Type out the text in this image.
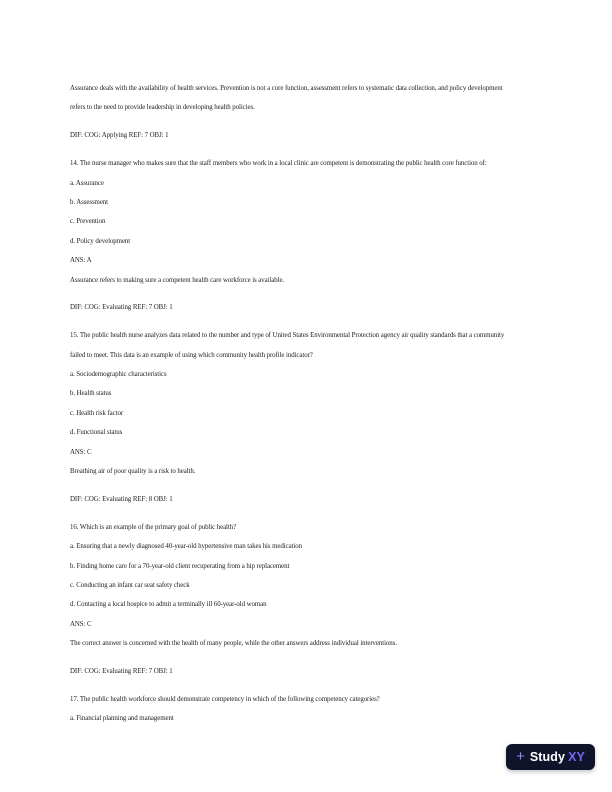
Assurance deals with the availability of health services. Prevention is not a core function, assessment refers to systematic data collection, and policy development
refers to the need to provide leadership in developing health policies.
DIF: COG: Applying REF: 7 OBJ: 1
14. The nurse manager who makes sure that the staff members who work in a local clinic are competent is demonstrating the public health core function of:
a. Assurance
b. Assessment
c. Prevention
d. Policy development
ANS: A
Assurance refers to making sure a competent health care workforce is available.
DIF: COG: Evaluating REF: 7 OBJ: 1
15. The public health nurse analyzes data related to the number and type of United States Environmental Protection agency air quality standards that a community
failed to meet. This data is an example of using which community health profile indicator?
a. Sociodemographic characteristics
b. Health status
c. Health risk factor
d. Functional status
ANS: C
Breathing air of poor quality is a risk to health.
DIF: COG: Evaluating REF: 8 OBJ: 1
16. Which is an example of the primary goal of public health?
a. Ensuring that a newly diagnosed 40-year-old hypertensive man takes his medication
b. Finding home care for a 70-year-old client recuperating from a hip replacement
c. Conducting an infant car seat safety check
d. Contacting a local hospice to admit a terminally ill 60-year-old woman
ANS: C
The correct answer is concerned with the health of many people, while the other answers address individual interventions.
DIF: COG: Evaluating REF: 7 OBJ: 1
17. The public health workforce should demonstrate competency in which of the following competency categories?
a. Financial planning and management
+ Study XY
